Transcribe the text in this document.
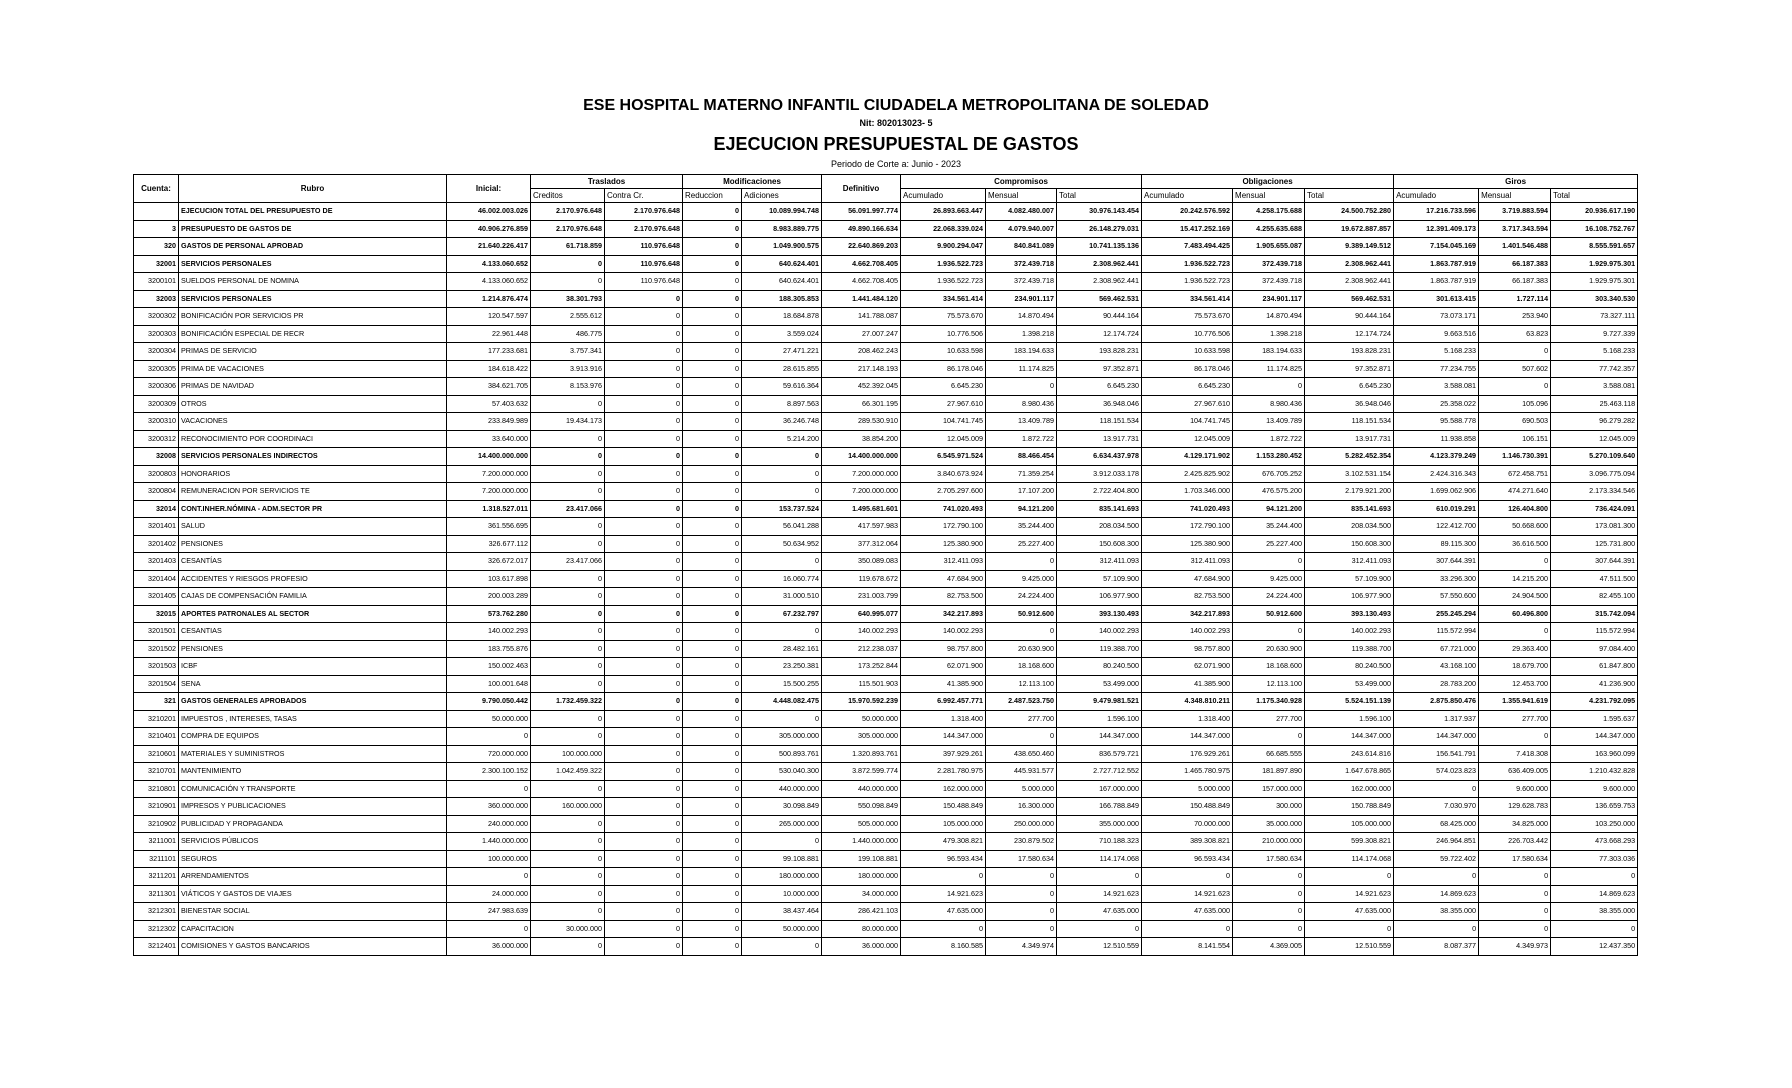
ESE HOSPITAL MATERNO INFANTIL CIUDADELA METROPOLITANA DE SOLEDAD
Nit: 802013023- 5
EJECUCION PRESUPUESTAL DE GASTOS
Periodo de Corte a: Junio - 2023
Cuenta:	Rubro	Inicial:	Traslados		Modificaciones		Definitivo	Compromisos			Obligaciones			Giros		
			Creditos	Contra Cr.	Reduccion	Adiciones		Acumulado	Mensual	Total	Acumulado	Mensual	Total	Acumulado	Mensual	Total
	EJECUCION TOTAL DEL PRESUPUESTO DE	46.002.003.026	2.170.976.648	2.170.976.648	0	10.089.994.748	56.091.997.774	26.893.663.447	4.082.480.007	30.976.143.454	20.242.576.592	4.258.175.688	24.500.752.280	17.216.733.596	3.719.883.594	20.936.617.190
3	PRESUPUESTO DE GASTOS DE	40.906.276.859	2.170.976.648	2.170.976.648	0	8.983.889.775	49.890.166.634	22.068.339.024	4.079.940.007	26.148.279.031	15.417.252.169	4.255.635.688	19.672.887.857	12.391.409.173	3.717.343.594	16.108.752.767
320	GASTOS DE PERSONAL APROBAD	21.640.226.417	61.718.859	110.976.648	0	1.049.900.575	22.640.869.203	9.900.294.047	840.841.089	10.741.135.136	7.483.494.425	1.905.655.087	9.389.149.512	7.154.045.169	1.401.546.488	8.555.591.657
32001	SERVICIOS PERSONALES	4.133.060.652	0	110.976.648	0	640.624.401	4.662.708.405	1.936.522.723	372.439.718	2.308.962.441	1.936.522.723	372.439.718	2.308.962.441	1.863.787.919	66.187.383	1.929.975.301
3200101	SUELDOS PERSONAL DE NOMINA	4.133.060.652	0	110.976.648	0	640.624.401	4.662.708.405	1.936.522.723	372.439.718	2.308.962.441	1.936.522.723	372.439.718	2.308.962.441	1.863.787.919	66.187.383	1.929.975.301
32003	SERVICIOS PERSONALES	1.214.876.474	38.301.793	0	0	188.305.853	1.441.484.120	334.561.414	234.901.117	569.462.531	334.561.414	234.901.117	569.462.531	301.613.415	1.727.114	303.340.530
3200302	BONIFICACIÓN POR SERVICIOS PR	120.547.597	2.555.612	0	0	18.684.878	141.788.087	75.573.670	14.870.494	90.444.164	75.573.670	14.870.494	90.444.164	73.073.171	253.940	73.327.111
3200303	BONIFICACIÓN ESPECIAL DE RECR	22.961.448	486.775	0	0	3.559.024	27.007.247	10.776.506	1.398.218	12.174.724	10.776.506	1.398.218	12.174.724	9.663.516	63.823	9.727.339
3200304	PRIMAS DE SERVICIO	177.233.681	3.757.341	0	0	27.471.221	208.462.243	10.633.598	183.194.633	193.828.231	10.633.598	183.194.633	193.828.231	5.168.233	0	5.168.233
3200305	PRIMA DE VACACIONES	184.618.422	3.913.916	0	0	28.615.855	217.148.193	86.178.046	11.174.825	97.352.871	86.178.046	11.174.825	97.352.871	77.234.755	507.602	77.742.357
3200306	PRIMAS DE NAVIDAD	384.621.705	8.153.976	0	0	59.616.364	452.392.045	6.645.230	0	6.645.230	6.645.230	0	6.645.230	3.588.081	0	3.588.081
3200309	OTROS	57.403.632	0	0	0	8.897.563	66.301.195	27.967.610	8.980.436	36.948.046	27.967.610	8.980.436	36.948.046	25.358.022	105.096	25.463.118
3200310	VACACIONES	233.849.989	19.434.173	0	0	36.246.748	289.530.910	104.741.745	13.409.789	118.151.534	104.741.745	13.409.789	118.151.534	95.588.778	690.503	96.279.282
3200312	RECONOCIMIENTO POR COORDINACI	33.640.000	0	0	0	5.214.200	38.854.200	12.045.009	1.872.722	13.917.731	12.045.009	1.872.722	13.917.731	11.938.858	106.151	12.045.009
32008	SERVICIOS PERSONALES INDIRECTOS	14.400.000.000	0	0	0	0	14.400.000.000	6.545.971.524	88.466.454	6.634.437.978	4.129.171.902	1.153.280.452	5.282.452.354	4.123.379.249	1.146.730.391	5.270.109.640
3200803	HONORARIOS	7.200.000.000	0	0	0	0	7.200.000.000	3.840.673.924	71.359.254	3.912.033.178	2.425.825.902	676.705.252	3.102.531.154	2.424.316.343	672.458.751	3.096.775.094
3200804	REMUNERACION POR SERVICIOS TE	7.200.000.000	0	0	0	0	7.200.000.000	2.705.297.600	17.107.200	2.722.404.800	1.703.346.000	476.575.200	2.179.921.200	1.699.062.906	474.271.640	2.173.334.546
32014	CONT.INHER.NÓMINA - ADM.SECTOR PR	1.318.527.011	23.417.066	0	0	153.737.524	1.495.681.601	741.020.493	94.121.200	835.141.693	741.020.493	94.121.200	835.141.693	610.019.291	126.404.800	736.424.091
3201401	SALUD	361.556.695	0	0	0	56.041.288	417.597.983	172.790.100	35.244.400	208.034.500	172.790.100	35.244.400	208.034.500	122.412.700	50.668.600	173.081.300
3201402	PENSIONES	326.677.112	0	0	0	50.634.952	377.312.064	125.380.900	25.227.400	150.608.300	125.380.900	25.227.400	150.608.300	89.115.300	36.616.500	125.731.800
3201403	CESANTÍAS	326.672.017	23.417.066	0	0	0	350.089.083	312.411.093	0	312.411.093	312.411.093	0	312.411.093	307.644.391	0	307.644.391
3201404	ACCIDENTES Y RIESGOS PROFESIO	103.617.898	0	0	0	16.060.774	119.678.672	47.684.900	9.425.000	57.109.900	47.684.900	9.425.000	57.109.900	33.296.300	14.215.200	47.511.500
3201405	CAJAS DE COMPENSACIÓN FAMILIA	200.003.289	0	0	0	31.000.510	231.003.799	82.753.500	24.224.400	106.977.900	82.753.500	24.224.400	106.977.900	57.550.600	24.904.500	82.455.100
32015	APORTES PATRONALES AL SECTOR	573.762.280	0	0	0	67.232.797	640.995.077	342.217.893	50.912.600	393.130.493	342.217.893	50.912.600	393.130.493	255.245.294	60.496.800	315.742.094
3201501	CESANTIAS	140.002.293	0	0	0	0	140.002.293	140.002.293	0	140.002.293	140.002.293	0	140.002.293	115.572.994	0	115.572.994
3201502	PENSIONES	183.755.876	0	0	0	28.482.161	212.238.037	98.757.800	20.630.900	119.388.700	98.757.800	20.630.900	119.388.700	67.721.000	29.363.400	97.084.400
3201503	ICBF	150.002.463	0	0	0	23.250.381	173.252.844	62.071.900	18.168.600	80.240.500	62.071.900	18.168.600	80.240.500	43.168.100	18.679.700	61.847.800
3201504	SENA	100.001.648	0	0	0	15.500.255	115.501.903	41.385.900	12.113.100	53.499.000	41.385.900	12.113.100	53.499.000	28.783.200	12.453.700	41.236.900
321	GASTOS GENERALES APROBADOS	9.790.050.442	1.732.459.322	0	0	4.448.082.475	15.970.592.239	6.992.457.771	2.487.523.750	9.479.981.521	4.348.810.211	1.175.340.928	5.524.151.139	2.875.850.476	1.355.941.619	4.231.792.095
3210201	IMPUESTOS , INTERESES, TASAS	50.000.000	0	0	0	0	50.000.000	1.318.400	277.700	1.596.100	1.318.400	277.700	1.596.100	1.317.937	277.700	1.595.637
3210401	COMPRA DE EQUIPOS	0	0	0	0	305.000.000	305.000.000	144.347.000	0	144.347.000	144.347.000	0	144.347.000	144.347.000	0	144.347.000
3210601	MATERIALES Y SUMINISTROS	720.000.000	100.000.000	0	0	500.893.761	1.320.893.761	397.929.261	438.650.460	836.579.721	176.929.261	66.685.555	243.614.816	156.541.791	7.418.308	163.960.099
3210701	MANTENIMIENTO	2.300.100.152	1.042.459.322	0	0	530.040.300	3.872.599.774	2.281.780.975	445.931.577	2.727.712.552	1.465.780.975	181.897.890	1.647.678.865	574.023.823	636.409.005	1.210.432.828
3210801	COMUNICACIÓN Y TRANSPORTE	0	0	0	0	440.000.000	440.000.000	162.000.000	5.000.000	167.000.000	5.000.000	157.000.000	162.000.000	0	9.600.000	9.600.000
3210901	IMPRESOS Y PUBLICACIONES	360.000.000	160.000.000	0	0	30.098.849	550.098.849	150.488.849	16.300.000	166.788.849	150.488.849	300.000	150.788.849	7.030.970	129.628.783	136.659.753
3210902	PUBLICIDAD Y PROPAGANDA	240.000.000	0	0	0	265.000.000	505.000.000	105.000.000	250.000.000	355.000.000	70.000.000	35.000.000	105.000.000	68.425.000	34.825.000	103.250.000
3211001	SERVICIOS PÚBLICOS	1.440.000.000	0	0	0	0	1.440.000.000	479.308.821	230.879.502	710.188.323	389.308.821	210.000.000	599.308.821	246.964.851	226.703.442	473.668.293
3211101	SEGUROS	100.000.000	0	0	0	99.108.881	199.108.881	96.593.434	17.580.634	114.174.068	96.593.434	17.580.634	114.174.068	59.722.402	17.580.634	77.303.036
3211201	ARRENDAMIENTOS	0	0	0	0	180.000.000	180.000.000	0	0	0	0	0	0	0	0	0
3211301	VIÁTICOS Y GASTOS DE VIAJES	24.000.000	0	0	0	10.000.000	34.000.000	14.921.623	0	14.921.623	14.921.623	0	14.921.623	14.869.623	0	14.869.623
3212301	BIENESTAR SOCIAL	247.983.639	0	0	0	38.437.464	286.421.103	47.635.000	0	47.635.000	47.635.000	0	47.635.000	38.355.000	0	38.355.000
3212302	CAPACITACION	0	30.000.000	0	0	50.000.000	80.000.000	0	0	0	0	0	0	0	0	0
3212401	COMISIONES Y GASTOS BANCARIOS	36.000.000	0	0	0	0	36.000.000	8.160.585	4.349.974	12.510.559	8.141.554	4.369.005	12.510.559	8.087.377	4.349.973	12.437.350
